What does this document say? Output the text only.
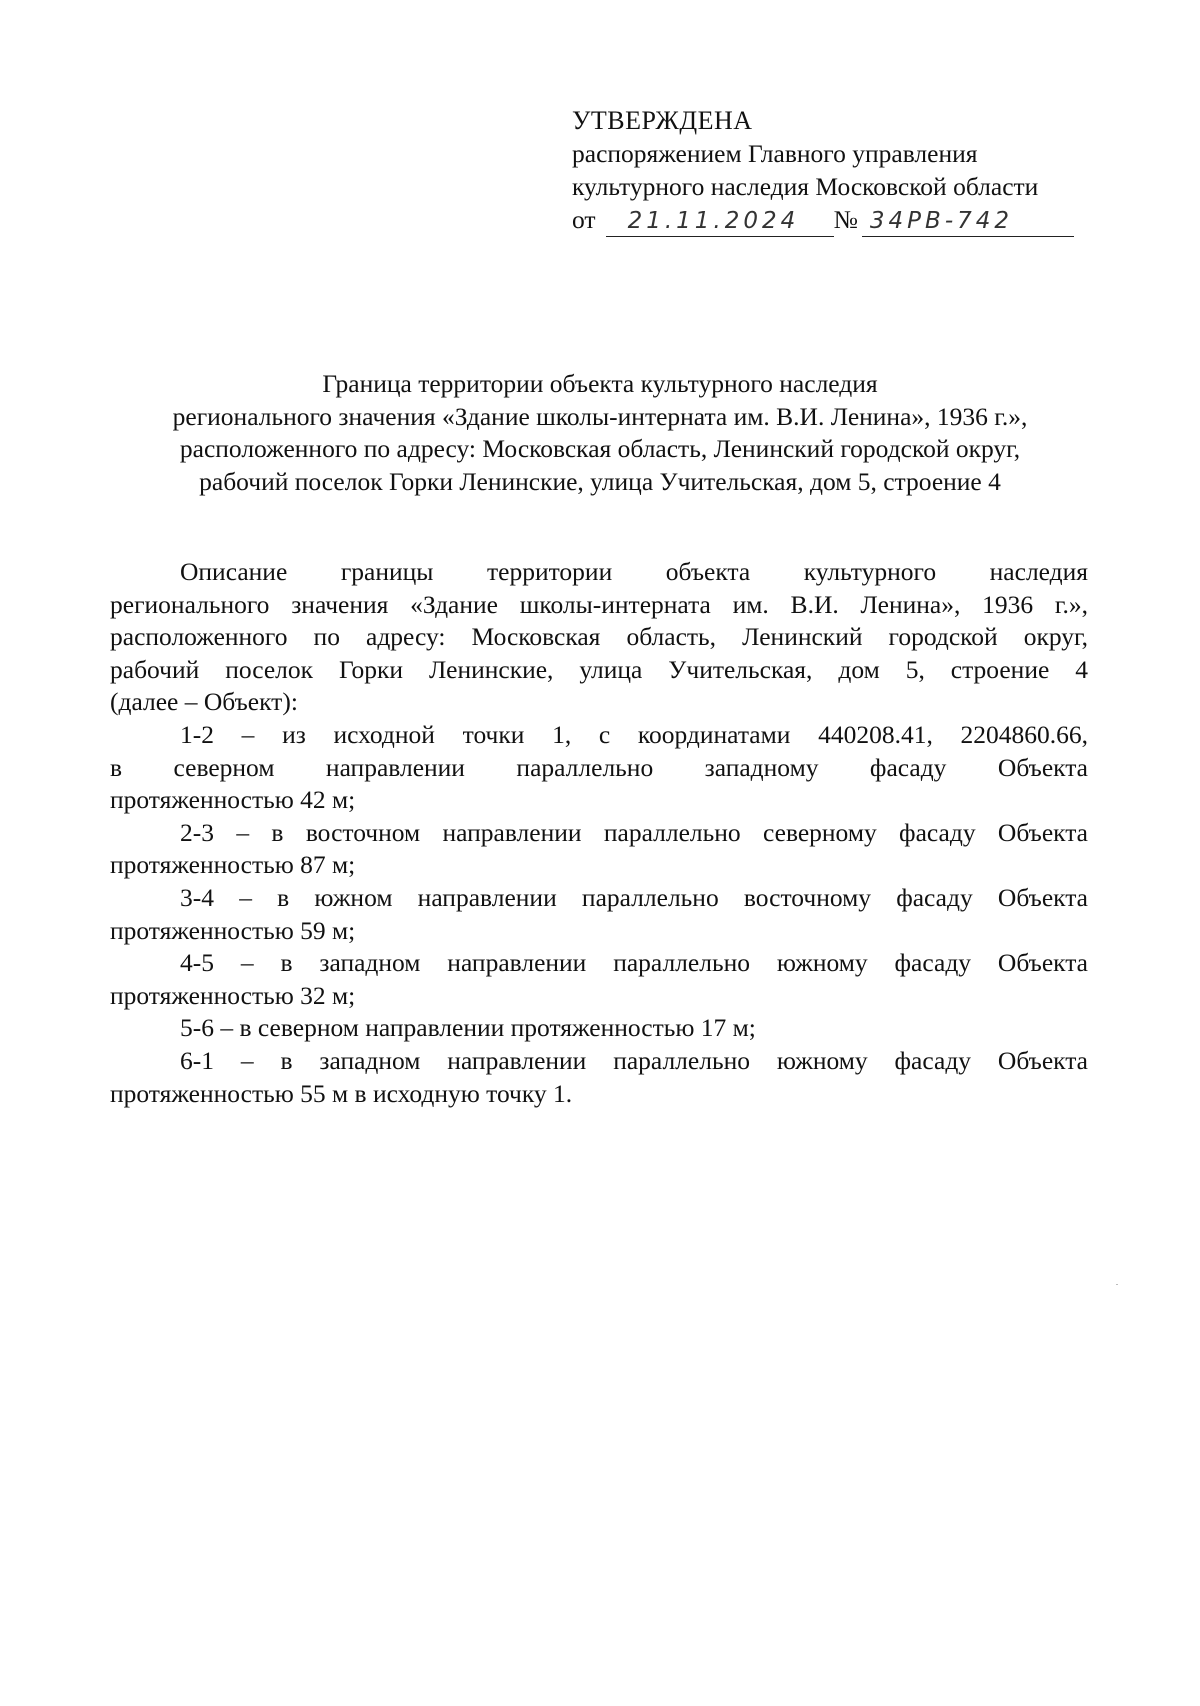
УТВЕРЖДЕНА
распоряжением Главного управления
культурного наследия Московской области
от	21.11.2024	№ 34РВ-742
Граница территории объекта культурного наследия
регионального значения «Здание школы-интерната им. В.И. Ленина», 1936 г.»,
расположенного по адресу: Московская область, Ленинский городской округ,
рабочий поселок Горки Ленинские, улица Учительская, дом 5, строение 4
Описание границы территории объекта культурного наследия
регионального значения «Здание школы-интерната им. В.И. Ленина», 1936 г.»,
расположенного по адресу: Московская область, Ленинский городской округ,
рабочий поселок Горки Ленинские, улица Учительская, дом 5, строение 4
(далее – Объект):
1-2 – из исходной точки 1, с координатами 440208.41, 2204860.66,
в северном направлении параллельно западному фасаду Объекта
протяженностью 42 м;
2-3 – в восточном направлении параллельно северному фасаду Объекта
протяженностью 87 м;
3-4 – в южном направлении параллельно восточному фасаду Объекта
протяженностью 59 м;
4-5 – в западном направлении параллельно южному фасаду Объекта
протяженностью 32 м;
5-6 – в северном направлении протяженностью 17 м;
6-1 – в западном направлении параллельно южному фасаду Объекта
протяженностью 55 м в исходную точку 1.
